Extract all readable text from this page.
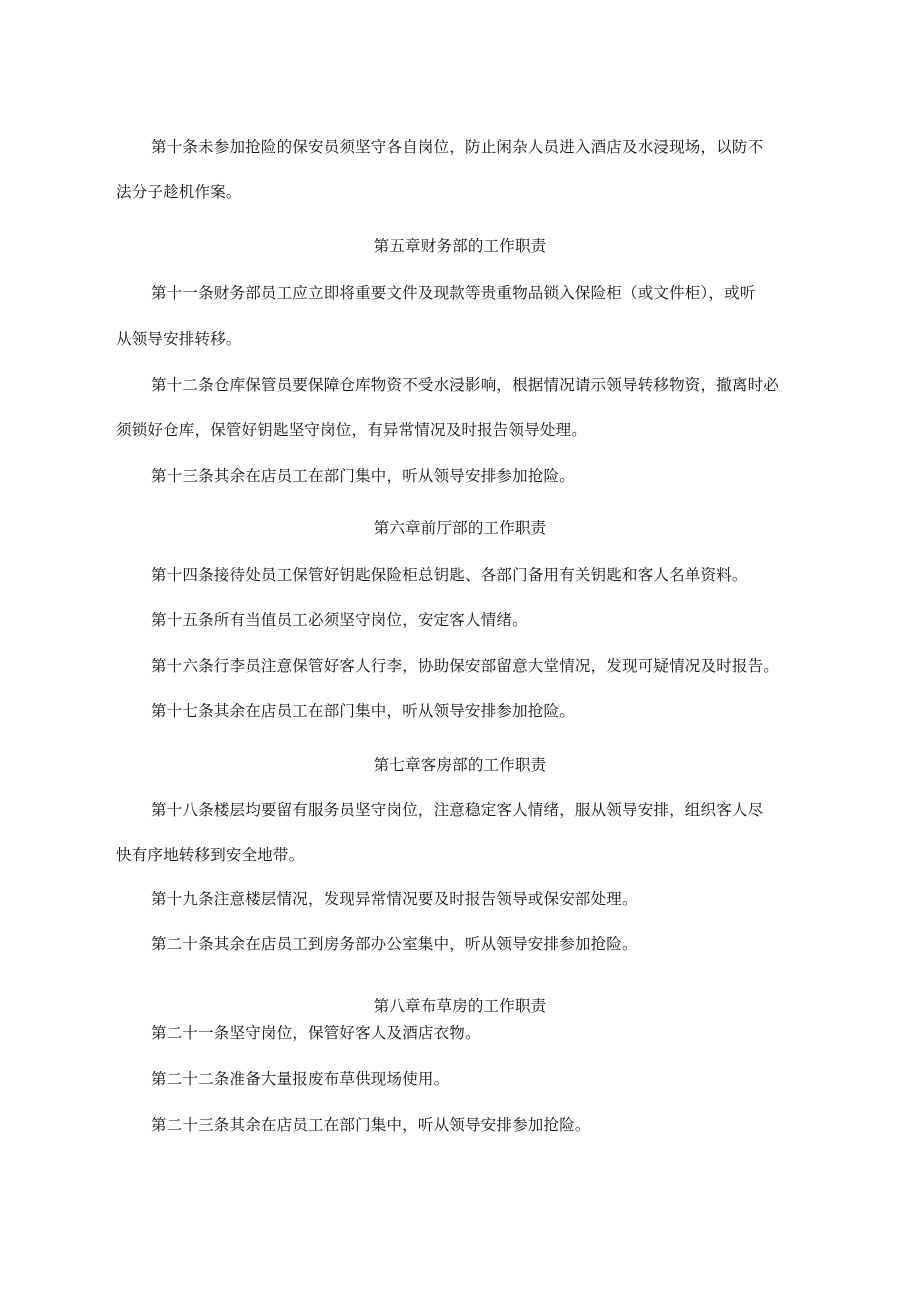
第十条未参加抢险的保安员须坚守各自岗位，防止闲杂人员进入酒店及水浸现场，以防不
法分子趁机作案。
第五章财务部的工作职责
第十一条财务部员工应立即将重要文件及现款等贵重物品锁入保险柜（或文件柜），或听
从领导安排转移。
第十二条仓库保管员要保障仓库物资不受水浸影响，根据情况请示领导转移物资，撤离时必
须锁好仓库，保管好钥匙坚守岗位，有异常情况及时报告领导处理。
第十三条其余在店员工在部门集中，听从领导安排参加抢险。
第六章前厅部的工作职责
第十四条接待处员工保管好钥匙保险柜总钥匙、各部门备用有关钥匙和客人名单资料。
第十五条所有当值员工必须坚守岗位，安定客人情绪。
第十六条行李员注意保管好客人行李，协助保安部留意大堂情况，发现可疑情况及时报告。
第十七条其余在店员工在部门集中，听从领导安排参加抢险。
第七章客房部的工作职责
第十八条楼层均要留有服务员坚守岗位，注意稳定客人情绪，服从领导安排，组织客人尽
快有序地转移到安全地带。
第十九条注意楼层情况，发现异常情况要及时报告领导或保安部处理。
第二十条其余在店员工到房务部办公室集中，听从领导安排参加抢险。
第八章布草房的工作职责
第二十一条坚守岗位，保管好客人及酒店衣物。
第二十二条准备大量报废布草供现场使用。
第二十三条其余在店员工在部门集中，听从领导安排参加抢险。
